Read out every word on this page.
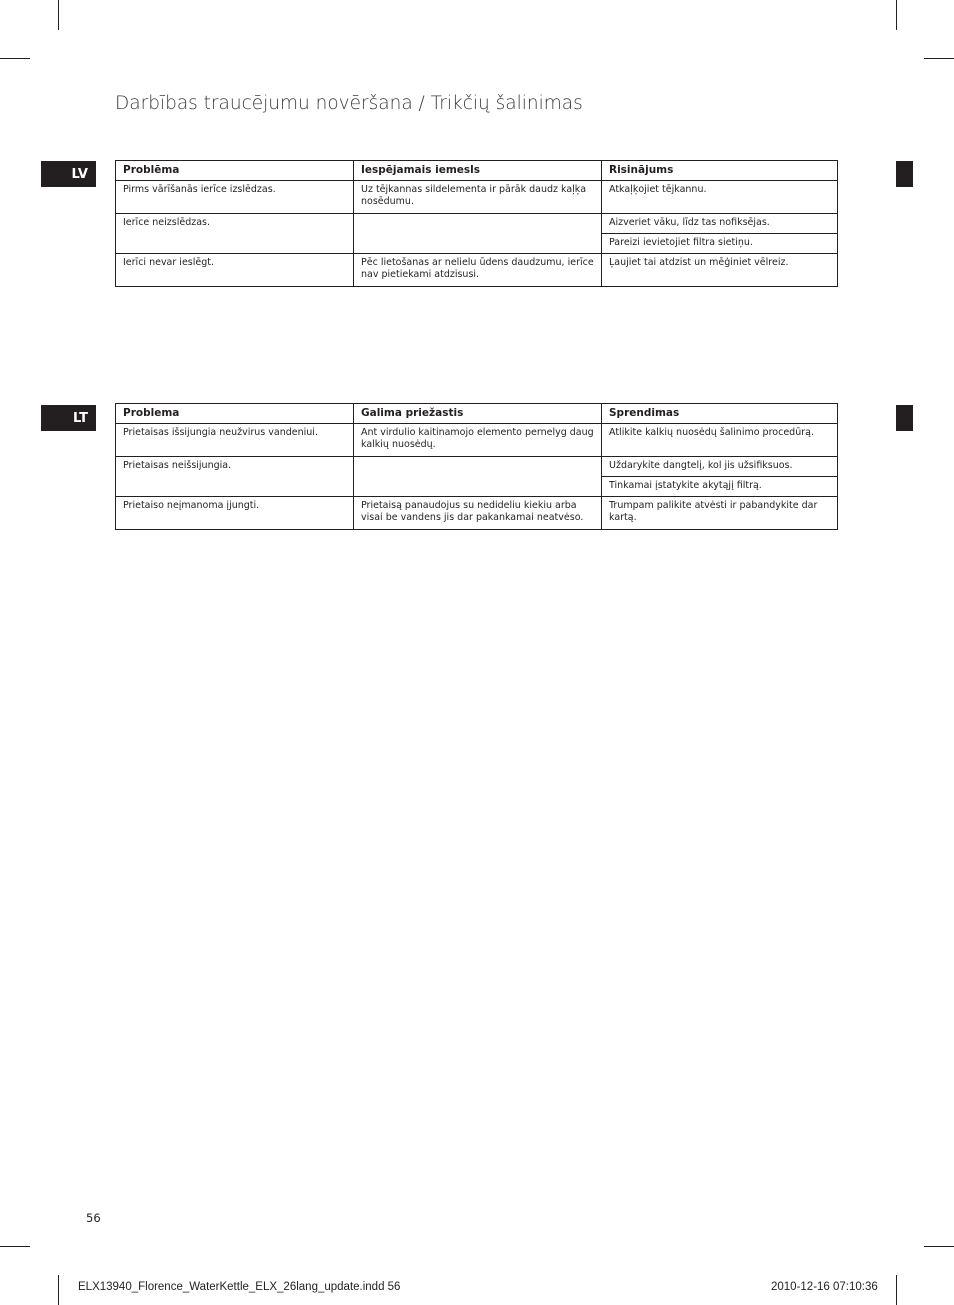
Darbības traucējumu novēršana / Trikčių šalinimas
LV	Problēma	Iespējamais iemesls	Risinājums
Pirms vārīšanās ierīce izslēdzas.	Uz tējkannas sildelementa ir pārāk daudz kaļķa nosēdumu.	Atkaļķojiet tējkannu.
Ierīce neizslēdzas.		Aizveriet vāku, līdz tas nofiksējas.
		Pareizi ievietojiet filtra sietiņu.
Ierīci nevar ieslēgt.	Pēc lietošanas ar nelielu ūdens daudzumu, ierīce nav pietiekami atdzisusi.	Ļaujiet tai atdzist un mēģiniet vēlreiz.
LT	Problema	Galima priežastis	Sprendimas
Prietaisas išsijungia neužvirus vandeniui.	Ant virdulio kaitinamojo elemento pernelyg daug kalkių nuosėdų.	Atlikite kalkių nuosėdų šalinimo procedūrą.
Prietaisas neišsijungia.		Uždarykite dangtelį, kol jis užsifiksuos.
		Tinkamai įstatykite akytąjį filtrą.
Prietaiso neįmanoma įjungti.	Prietaisą panaudojus su nedideliu kiekiu arba visai be vandens jis dar pakankamai neatvėso.	Trumpam palikite atvėsti ir pabandykite dar kartą.
56
ELX13940_Florence_WaterKettle_ELX_26lang_update.indd 56	2010-12-16 07:10:36
